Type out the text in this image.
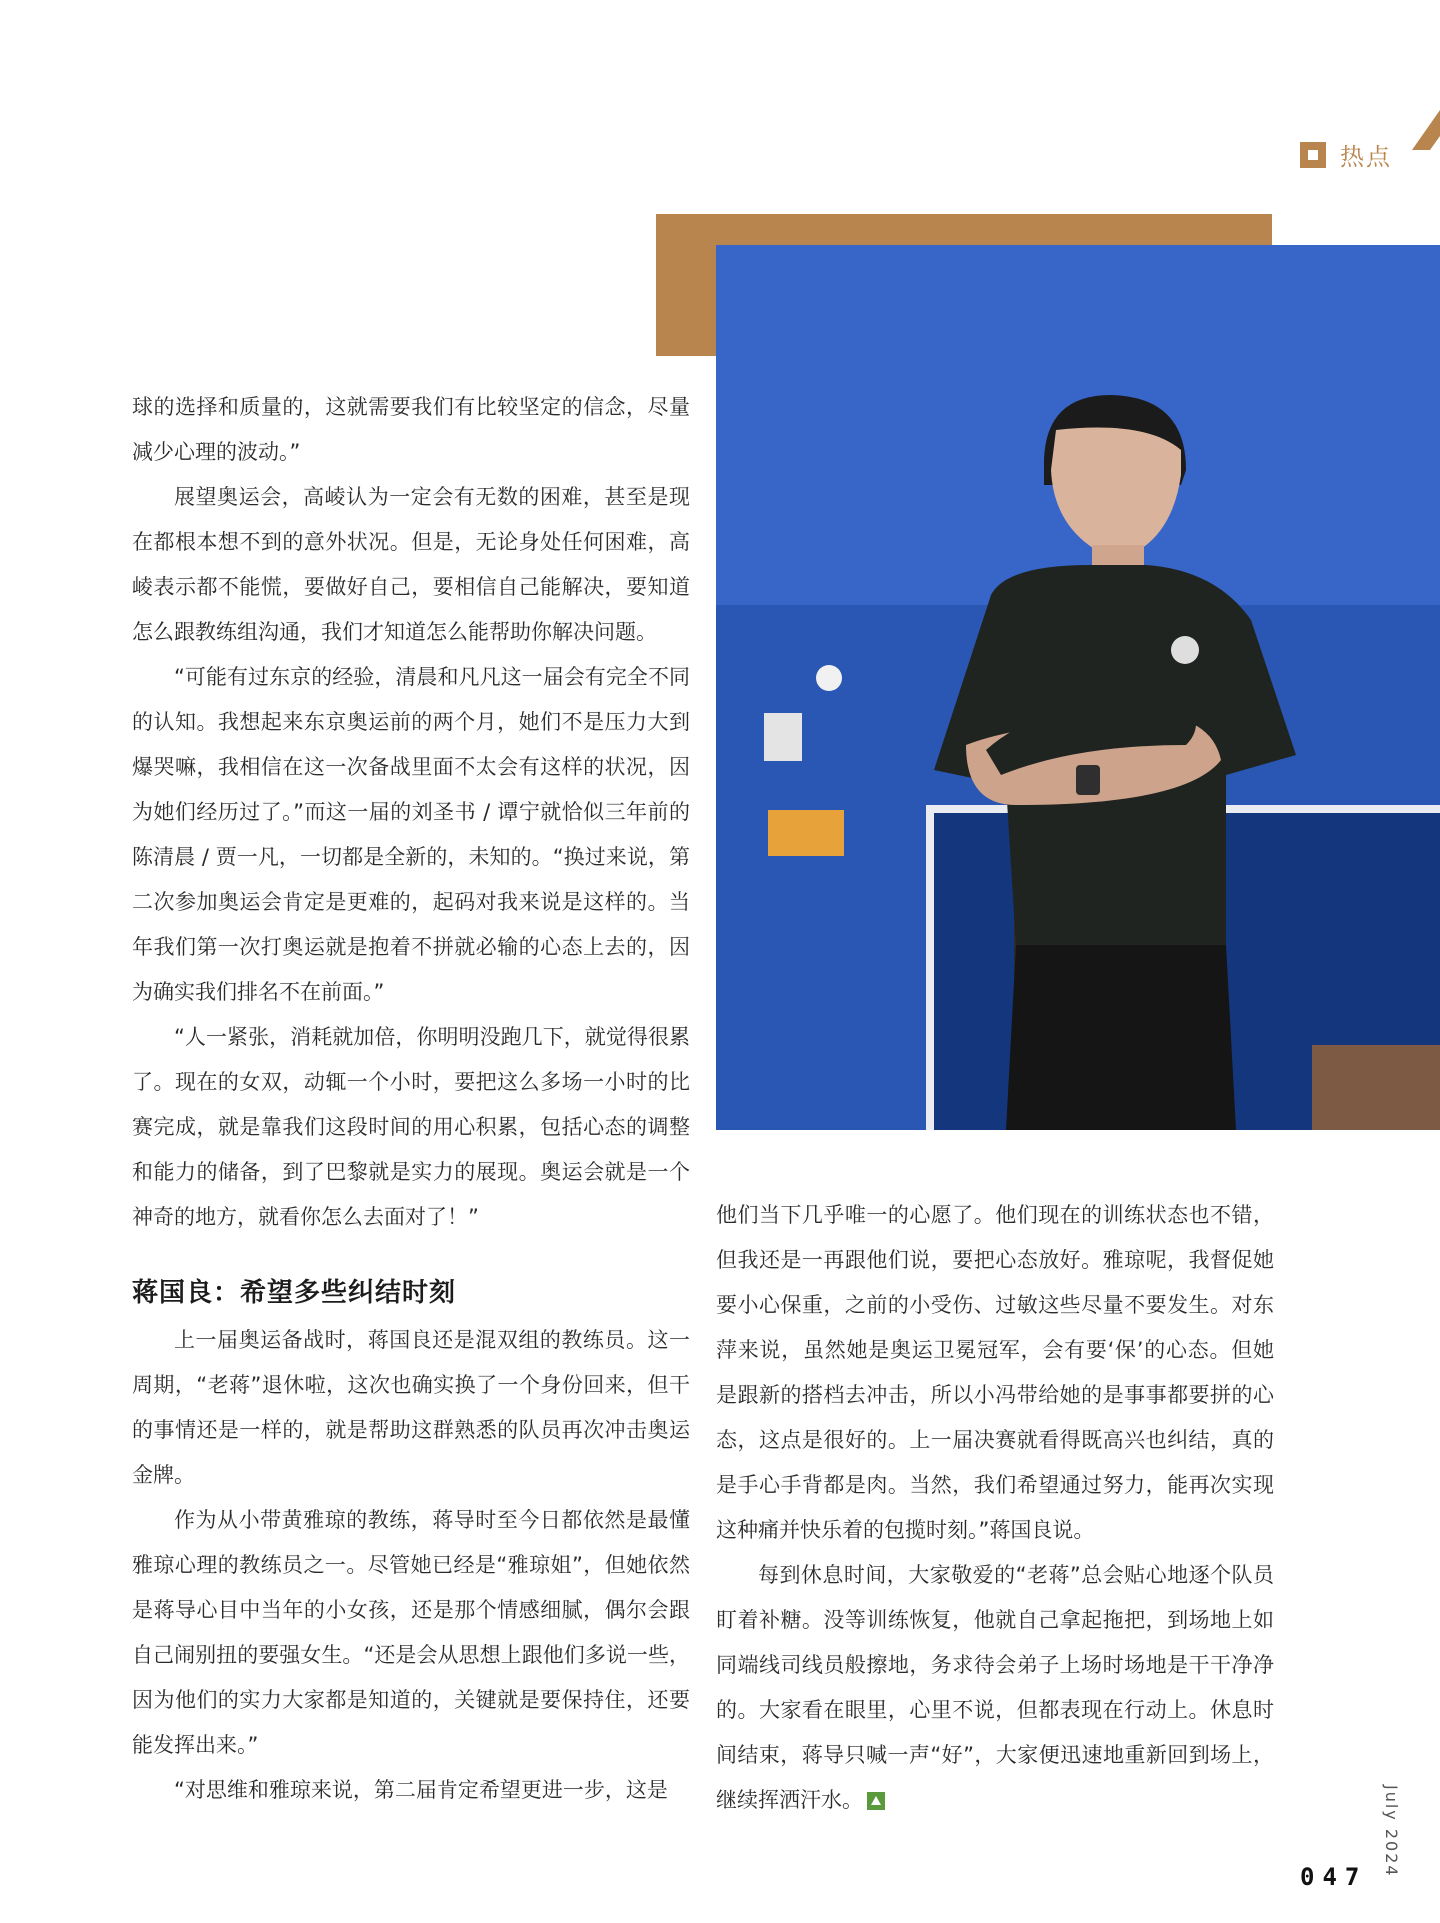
热点

球的选择和质量的，这就需要我们有比较坚定的信念，尽量减少心理的波动。”

展望奥运会，高崚认为一定会有无数的困难，甚至是现在都根本想不到的意外状况。但是，无论身处任何困难，高崚表示都不能慌，要做好自己，要相信自己能解决，要知道怎么跟教练组沟通，我们才知道怎么能帮助你解决问题。

“可能有过东京的经验，清晨和凡凡这一届会有完全不同的认知。我想起来东京奥运前的两个月，她们不是压力大到爆哭嘛，我相信在这一次备战里面不太会有这样的状况，因为她们经历过了。”而这一届的刘圣书 / 谭宁就恰似三年前的陈清晨 / 贾一凡，一切都是全新的，未知的。“换过来说，第二次参加奥运会肯定是更难的，起码对我来说是这样的。当年我们第一次打奥运就是抱着不拼就必输的心态上去的，因为确实我们排名不在前面。”

“人一紧张，消耗就加倍，你明明没跑几下，就觉得很累了。现在的女双，动辄一个小时，要把这么多场一小时的比赛完成，就是靠我们这段时间的用心积累，包括心态的调整和能力的储备，到了巴黎就是实力的展现。奥运会就是一个神奇的地方，就看你怎么去面对了！”

蒋国良：希望多些纠结时刻

上一届奥运备战时，蒋国良还是混双组的教练员。这一周期，“老蒋”退休啦，这次也确实换了一个身份回来，但干的事情还是一样的，就是帮助这群熟悉的队员再次冲击奥运金牌。

作为从小带黄雅琼的教练，蒋导时至今日都依然是最懂雅琼心理的教练员之一。尽管她已经是“雅琼姐”，但她依然是蒋导心目中当年的小女孩，还是那个情感细腻，偶尔会跟自己闹别扭的要强女生。“还是会从思想上跟他们多说一些，因为他们的实力大家都是知道的，关键就是要保持住，还要能发挥出来。”

“对思维和雅琼来说，第二届肯定希望更进一步，这是

他们当下几乎唯一的心愿了。他们现在的训练状态也不错，但我还是一再跟他们说，要把心态放好。雅琼呢，我督促她要小心保重，之前的小受伤、过敏这些尽量不要发生。对东萍来说，虽然她是奥运卫冕冠军，会有要‘保’的心态。但她是跟新的搭档去冲击，所以小冯带给她的是事事都要拼的心态，这点是很好的。上一届决赛就看得既高兴也纠结，真的是手心手背都是肉。当然，我们希望通过努力，能再次实现这种痛并快乐着的包揽时刻。”蒋国良说。

每到休息时间，大家敬爱的“老蒋”总会贴心地逐个队员盯着补糖。没等训练恢复，他就自己拿起拖把，到场地上如同端线司线员般擦地，务求待会弟子上场时场地是干干净净的。大家看在眼里，心里不说，但都表现在行动上。休息时间结束，蒋导只喊一声“好”，大家便迅速地重新回到场上，继续挥洒汗水。	July 2024
047
